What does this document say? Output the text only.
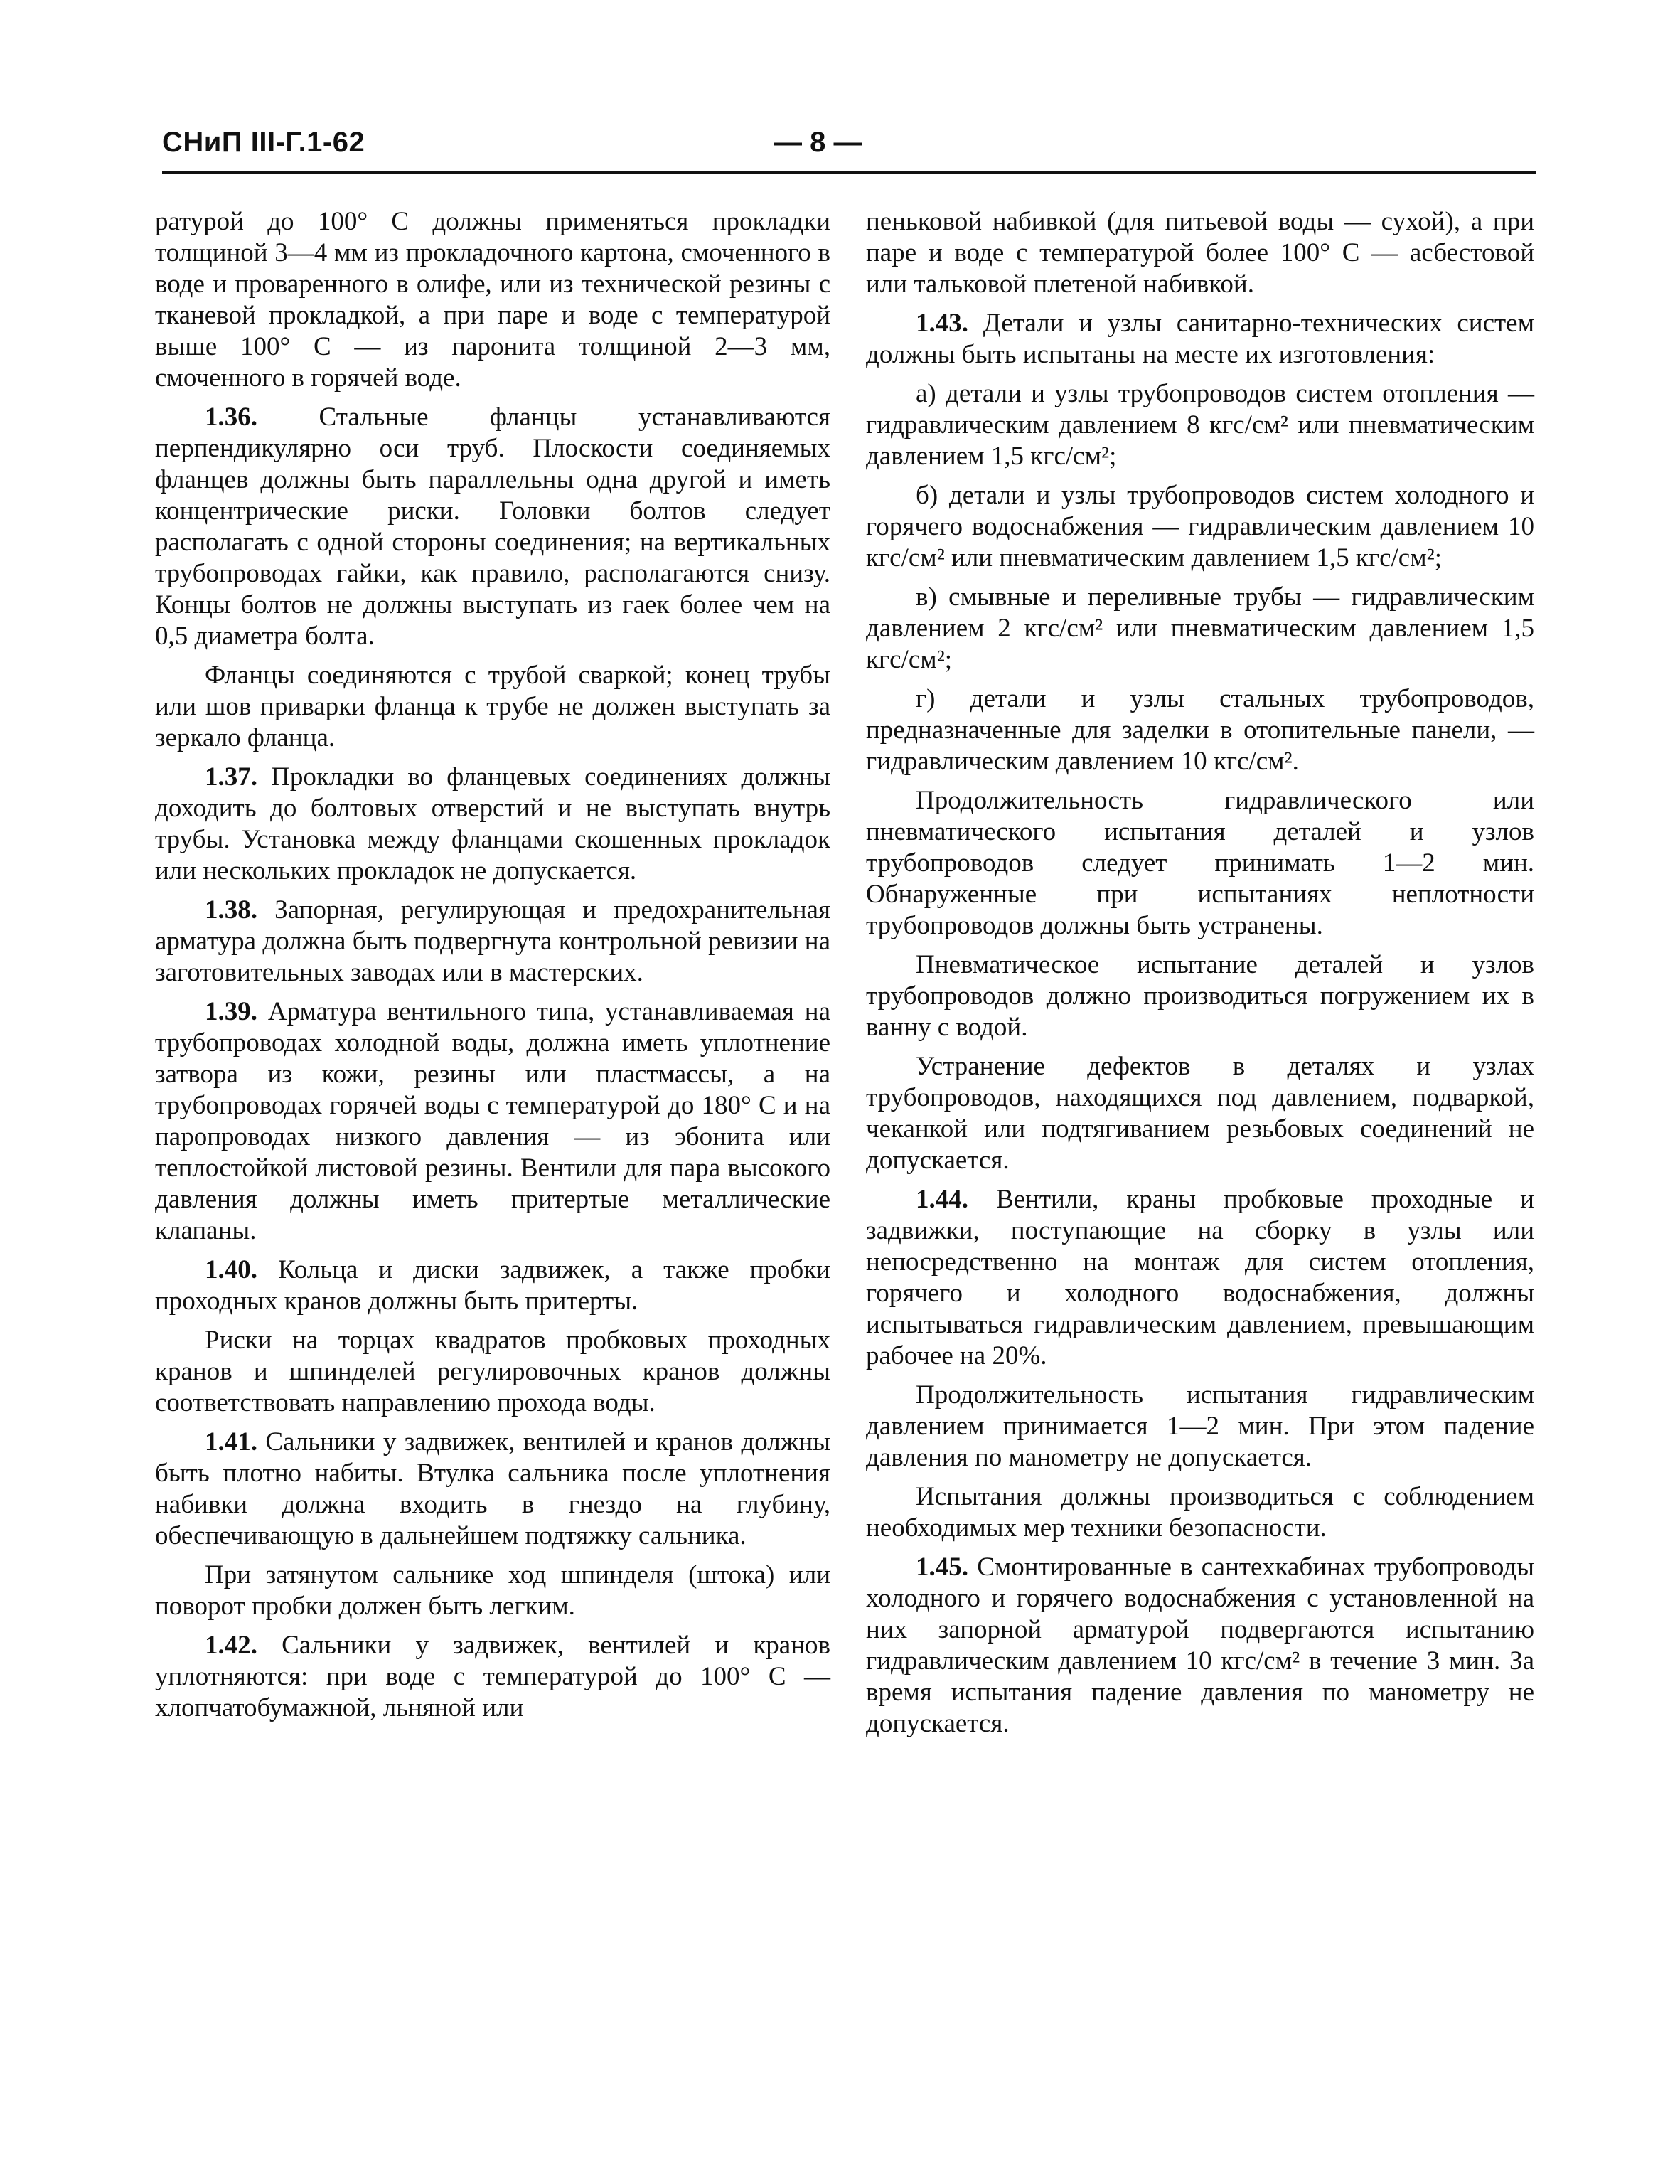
СНиП III-Г.1-62	— 8 —

ратурой до 100° С должны применяться прокладки толщиной 3—4 мм из прокладочного картона, смоченного в воде и проваренного в олифе, или из технической резины с тканевой прокладкой, а при паре и воде с температурой выше 100° С — из паронита толщиной 2—3 мм, смоченного в горячей воде.

1.36. Стальные фланцы устанавливаются перпендикулярно оси труб. Плоскости соединяемых фланцев должны быть параллельны одна другой и иметь концентрические риски. Головки болтов следует располагать с одной стороны соединения; на вертикальных трубопроводах гайки, как правило, располагаются снизу. Концы болтов не должны выступать из гаек более чем на 0,5 диаметра болта.

Фланцы соединяются с трубой сваркой; конец трубы или шов приварки фланца к трубе не должен выступать за зеркало фланца.

1.37. Прокладки во фланцевых соединениях должны доходить до болтовых отверстий и не выступать внутрь трубы. Установка между фланцами скошенных прокладок или нескольких прокладок не допускается.

1.38. Запорная, регулирующая и предохранительная арматура должна быть подвергнута контрольной ревизии на заготовительных заводах или в мастерских.

1.39. Арматура вентильного типа, устанавливаемая на трубопроводах холодной воды, должна иметь уплотнение затвора из кожи, резины или пластмассы, а на трубопроводах горячей воды с температурой до 180° С и на паропроводах низкого давления — из эбонита или теплостойкой листовой резины. Вентили для пара высокого давления должны иметь притертые металлические клапаны.

1.40. Кольца и диски задвижек, а также пробки проходных кранов должны быть притерты.

Риски на торцах квадратов пробковых проходных кранов и шпинделей регулировочных кранов должны соответствовать направлению прохода воды.

1.41. Сальники у задвижек, вентилей и кранов должны быть плотно набиты. Втулка сальника после уплотнения набивки должна входить в гнездо на глубину, обеспечивающую в дальнейшем подтяжку сальника.

При затянутом сальнике ход шпинделя (штока) или поворот пробки должен быть легким.

1.42. Сальники у задвижек, вентилей и кранов уплотняются: при воде с температурой до 100° С — хлопчатобумажной, льняной или

пеньковой набивкой (для питьевой воды — сухой), а при паре и воде с температурой более 100° С — асбестовой или тальковой плетеной набивкой.

1.43. Детали и узлы санитарно-технических систем должны быть испытаны на месте их изготовления:

а) детали и узлы трубопроводов систем отопления — гидравлическим давлением 8 кгс/см² или пневматическим давлением 1,5 кгс/см²;

б) детали и узлы трубопроводов систем холодного и горячего водоснабжения — гидравлическим давлением 10 кгс/см² или пневматическим давлением 1,5 кгс/см²;

в) смывные и переливные трубы — гидравлическим давлением 2 кгс/см² или пневматическим давлением 1,5 кгс/см²;

г) детали и узлы стальных трубопроводов, предназначенные для заделки в отопительные панели, — гидравлическим давлением 10 кгс/см².

Продолжительность гидравлического или пневматического испытания деталей и узлов трубопроводов следует принимать 1—2 мин. Обнаруженные при испытаниях неплотности трубопроводов должны быть устранены.

Пневматическое испытание деталей и узлов трубопроводов должно производиться погружением их в ванну с водой.

Устранение дефектов в деталях и узлах трубопроводов, находящихся под давлением, подваркой, чеканкой или подтягиванием резьбовых соединений не допускается.

1.44. Вентили, краны пробковые проходные и задвижки, поступающие на сборку в узлы или непосредственно на монтаж для систем отопления, горячего и холодного водоснабжения, должны испытываться гидравлическим давлением, превышающим рабочее на 20%.

Продолжительность испытания гидравлическим давлением принимается 1—2 мин. При этом падение давления по манометру не допускается.

Испытания должны производиться с соблюдением необходимых мер техники безопасности.

1.45. Смонтированные в сантехкабинах трубопроводы холодного и горячего водоснабжения с установленной на них запорной арматурой подвергаются испытанию гидравлическим давлением 10 кгс/см² в течение 3 мин. За время испытания падение давления по манометру не допускается.
